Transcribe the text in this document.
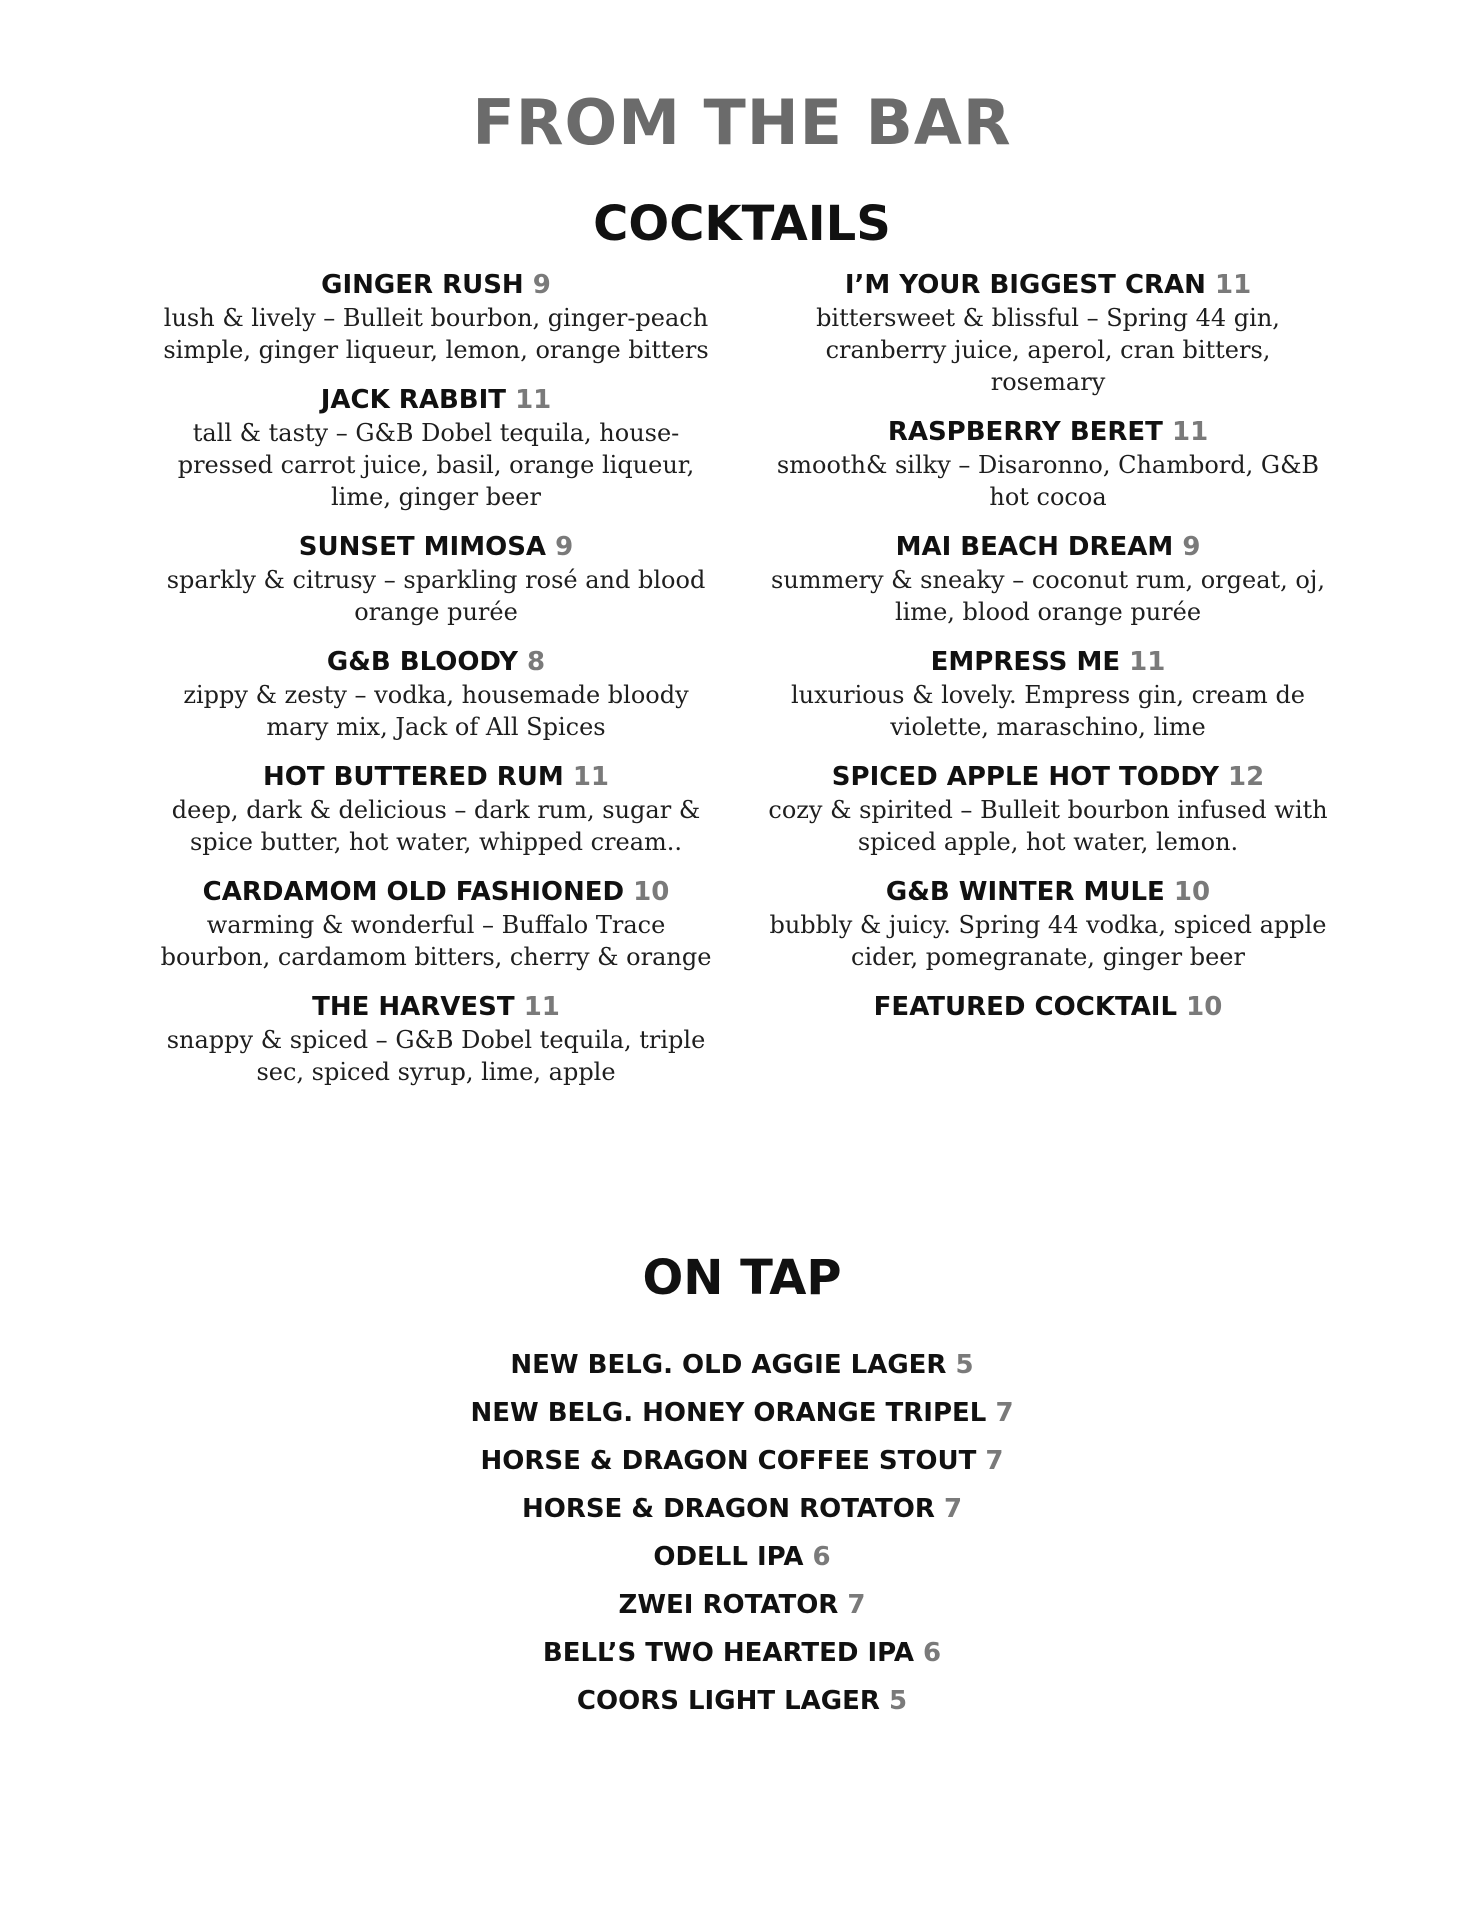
FROM THE BAR
COCKTAILS
GINGER RUSH 9
lush & lively – Bulleit bourbon, ginger-peach simple, ginger liqueur, lemon, orange bitters
JACK RABBIT 11
tall & tasty – G&B Dobel tequila, house-pressed carrot juice, basil, orange liqueur, lime, ginger beer
SUNSET MIMOSA 9
sparkly & citrusy – sparkling rosé and blood orange purée
G&B BLOODY 8
zippy & zesty – vodka, housemade bloody mary mix, Jack of All Spices
HOT BUTTERED RUM 11
deep, dark & delicious – dark rum, sugar & spice butter, hot water, whipped cream..
CARDAMOM OLD FASHIONED 10
warming & wonderful – Buffalo Trace bourbon, cardamom bitters, cherry & orange
THE HARVEST 11
snappy & spiced – G&B Dobel tequila, triple sec, spiced syrup, lime, apple
I’M YOUR BIGGEST CRAN 11
bittersweet & blissful – Spring 44 gin, cranberry juice, aperol, cran bitters, rosemary
RASPBERRY BERET 11
smooth& silky – Disaronno, Chambord, G&B hot cocoa
MAI BEACH DREAM 9
summery & sneaky – coconut rum, orgeat, oj, lime, blood orange purée
EMPRESS ME 11
luxurious & lovely. Empress gin, cream de violette, maraschino, lime
SPICED APPLE HOT TODDY 12
cozy & spirited – Bulleit bourbon infused with spiced apple, hot water, lemon.
G&B WINTER MULE 10
bubbly & juicy. Spring 44 vodka, spiced apple cider, pomegranate, ginger beer
FEATURED COCKTAIL 10
ON TAP
NEW BELG. OLD AGGIE LAGER 5
NEW BELG. HONEY ORANGE TRIPEL 7
HORSE & DRAGON COFFEE STOUT 7
HORSE & DRAGON ROTATOR 7
ODELL IPA 6
ZWEI ROTATOR 7
BELL’S TWO HEARTED IPA 6
COORS LIGHT LAGER 5
